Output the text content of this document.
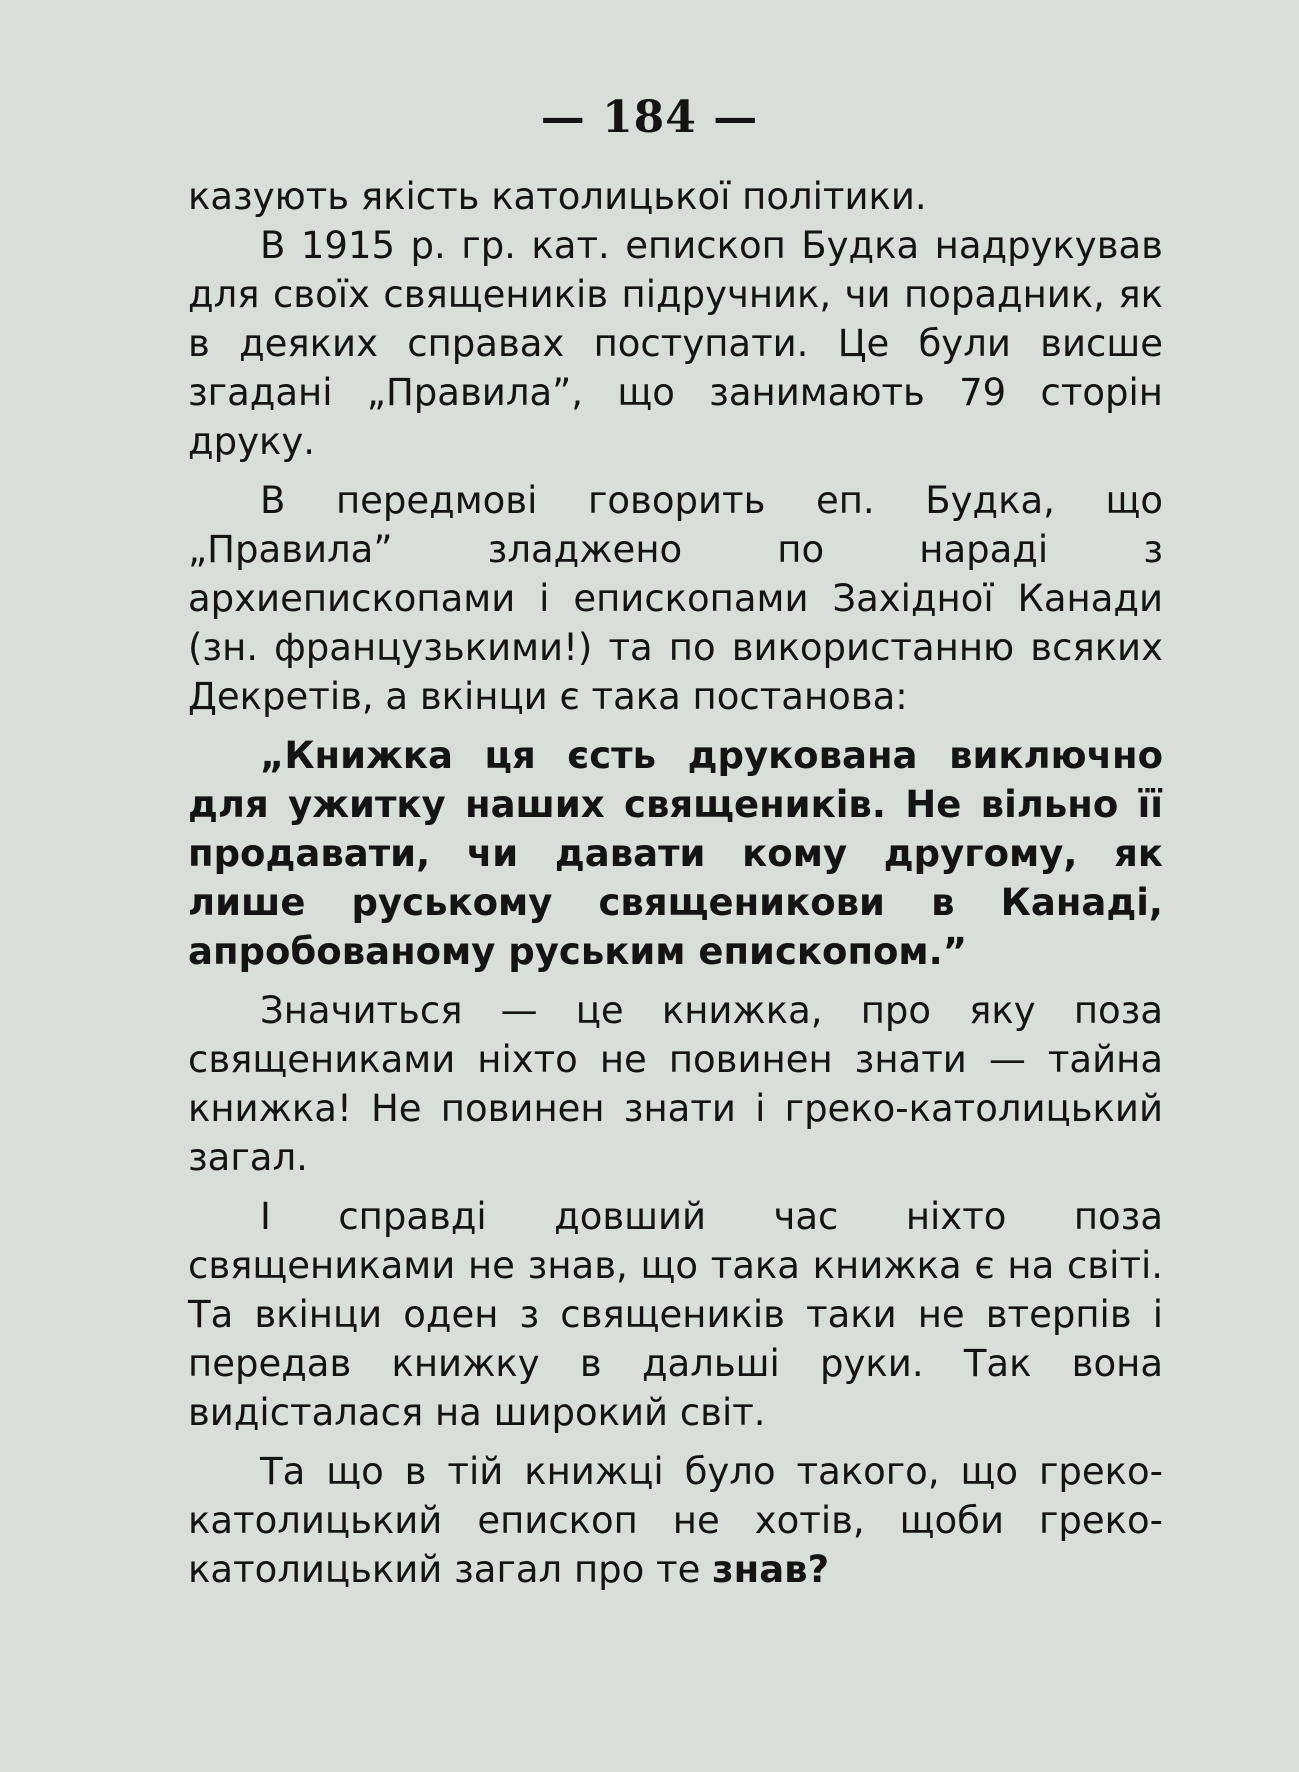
— 184 —

казують якість католицької політики.

В 1915 р. гр. кат. епископ Будка надрукував для своїх священиків підручник, чи порадник, як в деяких справах поступати. Це були висше згадані „Правила”, що занимають 79 сторін друку.

В передмові говорить еп. Будка, що „Правила” зладжено по нараді з архиепископами і епископами Західної Канади (зн. французькими!) та по використанню всяких Декретів, а вкінци є така постанова:

„Книжка ця єсть друкована виключно для ужитку наших священиків. Не вільно її продавати, чи давати кому другому, як лише руському священикови в Канаді, апробованому руським епископом.”

Значиться — це книжка, про яку поза священиками ніхто не повинен знати — тайна книжка! Не повинен знати і греко-католицький загал.

І справді довший час ніхто поза священиками не знав, що така книжка є на світі. Та вкінци оден з священиків таки не втерпів і передав книжку в дальші руки. Так вона видісталася на широкий світ.

Та що в тій книжці було такого, що греко-католицький епископ не хотів, щоби греко-католицький загал про те знав?
